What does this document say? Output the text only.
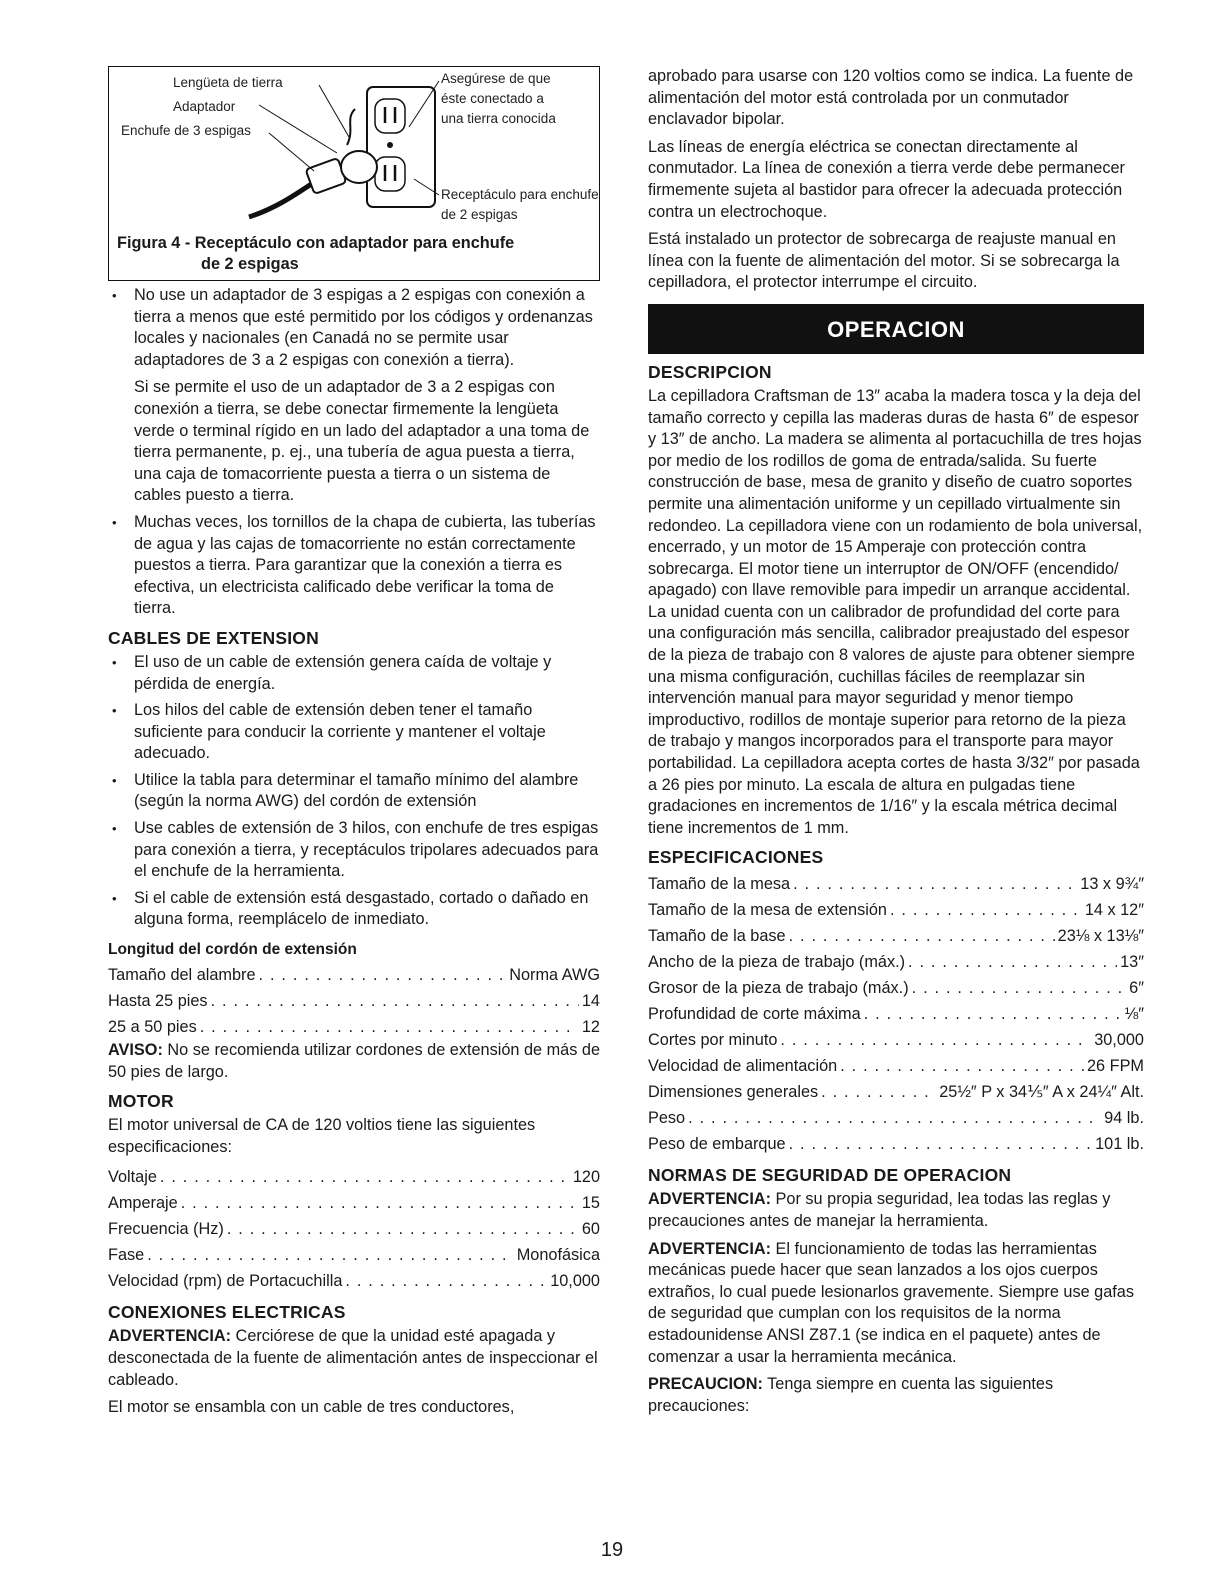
Lengüeta de tierra
Adaptador
Enchufe de 3 espigas
Asegúrese de que éste conectado a una tierra conocida
Receptáculo para enchufe de 2 espigas
Figura 4 - Receptáculo con adaptador para enchufe
de 2 espigas
• No use un adaptador de 3 espigas a 2 espigas con conexión a tierra a menos que esté permitido por los códigos y ordenanzas locales y nacionales (en Canadá no se permite usar adaptadores de 3 a 2 espigas con conexión a tierra).
Si se permite el uso de un adaptador de 3 a 2 espigas con conexión a tierra, se debe conectar firmemente la lengüeta verde o terminal rígido en un lado del adaptador a una toma de tierra permanente, p. ej., una tubería de agua puesta a tierra, una caja de tomacorriente puesta a tierra o un sistema de cables puesto a tierra.
• Muchas veces, los tornillos de la chapa de cubierta, las tuberías de agua y las cajas de tomacorriente no están correctamente puestos a tierra. Para garantizar que la conexión a tierra es efectiva, un electricista calificado debe verificar la toma de tierra.
CABLES DE EXTENSION
• El uso de un cable de extensión genera caída de voltaje y pérdida de energía.
• Los hilos del cable de extensión deben tener el tamaño suficiente para conducir la corriente y mantener el voltaje adecuado.
• Utilice la tabla para determinar el tamaño mínimo del alambre (según la norma AWG) del cordón de extensión
• Use cables de extensión de 3 hilos, con enchufe de tres espigas para conexión a tierra, y receptáculos tripolares adecuados para el enchufe de la herramienta.
• Si el cable de extensión está desgastado, cortado o dañado en alguna forma, reemplácelo de inmediato.
Longitud del cordón de extensión
Tamaño del alambre . . .	Norma AWG
Hasta 25 pies . . .	14
25 a 50 pies . . .	12

AVISO: No se recomienda utilizar cordones de extensión de más de 50 pies de largo.

MOTOR

El motor universal de CA de 120 voltios tiene las siguientes especificaciones:

Voltaje . . .	120
Amperaje . . .	15
Frecuencia (Hz) . . .	60
Fase . . .	Monofásica
Velocidad (rpm) de Portacuchilla . . .	10,000
CONEXIONES ELECTRICAS

ADVERTENCIA: Cerciórese de que la unidad esté apagada y desconectada de la fuente de alimentación antes de inspeccionar el cableado.

El motor se ensambla con un cable de tres conductores,

aprobado para usarse con 120 voltios como se indica. La fuente de alimentación del motor está controlada por un conmutador enclavador bipolar.

Las líneas de energía eléctrica se conectan directamente al conmutador. La línea de conexión a tierra verde debe permanecer firmemente sujeta al bastidor para ofrecer la adecuada protección contra un electrochoque.

Está instalado un protector de sobrecarga de reajuste manual en línea con la fuente de alimentación del motor. Si se sobrecarga la cepilladora, el protector interrumpe el circuito.

OPERACION
DESCRIPCION

La cepilladora Craftsman de 13″ acaba la madera tosca y la deja del tamaño correcto y cepilla las maderas duras de hasta 6″ de espesor y 13″ de ancho. La madera se alimenta al portacuchilla de tres hojas por medio de los rodillos de goma de entrada/salida. Su fuerte construcción de base, mesa de granito y diseño de cuatro soportes permite una alimentación uniforme y un cepillado virtualmente sin redondeo. La cepilladora viene con un rodamiento de bola universal, encerrado, y un motor de 15 Amperaje con protección contra sobrecarga. El motor tiene un interruptor de ON/OFF (encendido/ apagado) con llave removible para impedir un arranque accidental. La unidad cuenta con un calibrador de profundidad del corte para una configuración más sencilla, calibrador preajustado del espesor de la pieza de trabajo con 8 valores de ajuste para obtener siempre una misma configuración, cuchillas fáciles de reemplazar sin intervención manual para mayor seguridad y menor tiempo improductivo, rodillos de montaje superior para retorno de la pieza de trabajo y mangos incorporados para el transporte para mayor portabilidad. La cepilladora acepta cortes de hasta 3/32″ por pasada a 26 pies por minuto. La escala de altura en pulgadas tiene gradaciones en incrementos de 1/16″ y la escala métrica decimal tiene incrementos de 1 mm.

ESPECIFICACIONES
Tamaño de la mesa . . .	13 x 9¾″
Tamaño de la mesa de extensión . . .	14 x 12″
Tamaño de la base . . .	23⅛ x 13⅛″
Ancho de la pieza de trabajo (máx.) . . .	13″
Grosor de la pieza de trabajo (máx.) . . .	6″
Profundidad de corte máxima . . .	⅛″
Cortes por minuto . . .	30,000
Velocidad de alimentación . . .	26 FPM
Dimensiones generales . . .	25½″ P x 34⅕″ A x 24¼″ Alt.
Peso . . .	94 lb.
Peso de embarque . . .	101 lb.
NORMAS DE SEGURIDAD DE OPERACION

ADVERTENCIA: Por su propia seguridad, lea todas las reglas y precauciones antes de manejar la herramienta.

ADVERTENCIA: El funcionamiento de todas las herramientas mecánicas puede hacer que sean lanzados a los ojos cuerpos extraños, lo cual puede lesionarlos gravemente. Siempre use gafas de seguridad que cumplan con los requisitos de la norma estadounidense ANSI Z87.1 (se indica en el paquete) antes de comenzar a usar la herramienta mecánica.

PRECAUCION: Tenga siempre en cuenta las siguientes precauciones:

19
